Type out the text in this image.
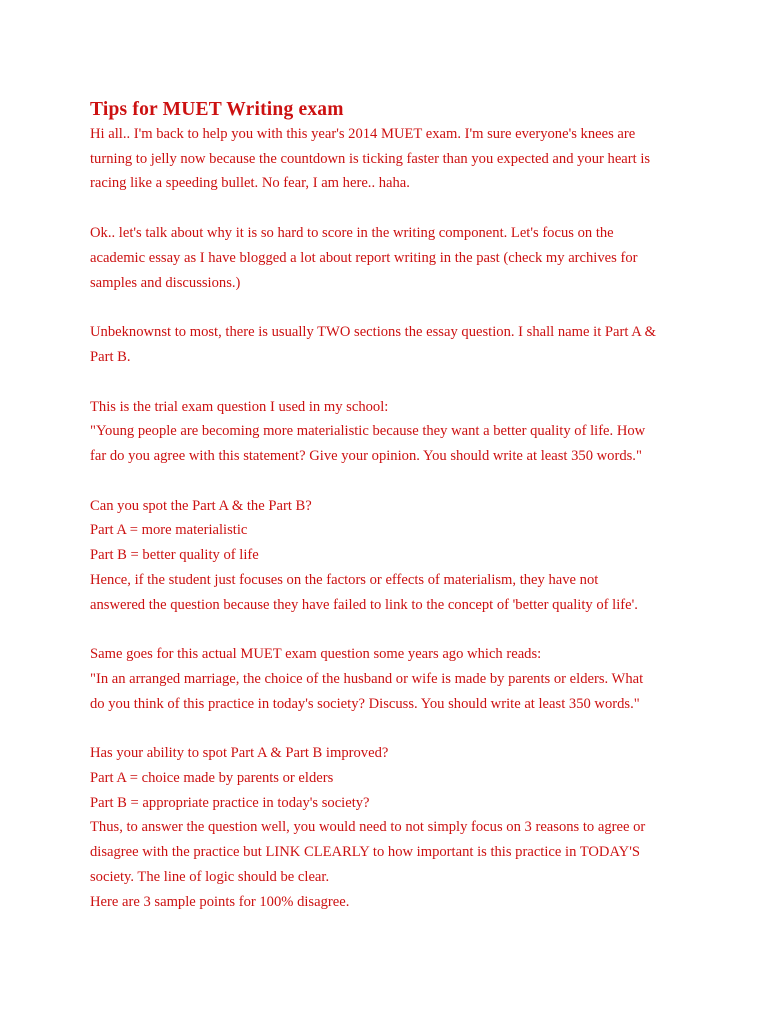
Tips for MUET Writing exam
Hi all.. I'm back to help you with this year's 2014 MUET exam. I'm sure everyone's knees are
turning to jelly now because the countdown is ticking faster than you expected and your heart is
racing like a speeding bullet. No fear, I am here.. haha.
Ok.. let's talk about why it is so hard to score in the writing component. Let's focus on the
academic essay as I have blogged a lot about report writing in the past (check my archives for
samples and discussions.)
Unbeknownst to most, there is usually TWO sections the essay question. I shall name it Part A &
Part B.
This is the trial exam question I used in my school:
"Young people are becoming more materialistic because they want a better quality of life. How
far do you agree with this statement? Give your opinion. You should write at least 350 words."
Can you spot the Part A & the Part B?
Part A = more materialistic
Part B = better quality of life
Hence, if the student just focuses on the factors or effects of materialism, they have not
answered the question because they have failed to link to the concept of 'better quality of life'.
Same goes for this actual MUET exam question some years ago which reads:
"In an arranged marriage, the choice of the husband or wife is made by parents or elders. What
do you think of this practice in today's society? Discuss. You should write at least 350 words."
Has your ability to spot Part A & Part B improved?
Part A = choice made by parents or elders
Part B = appropriate practice in today's society?
Thus, to answer the question well, you would need to not simply focus on 3 reasons to agree or
disagree with the practice but LINK CLEARLY to how important is this practice in TODAY'S
society. The line of logic should be clear.
Here are 3 sample points for 100% disagree.
